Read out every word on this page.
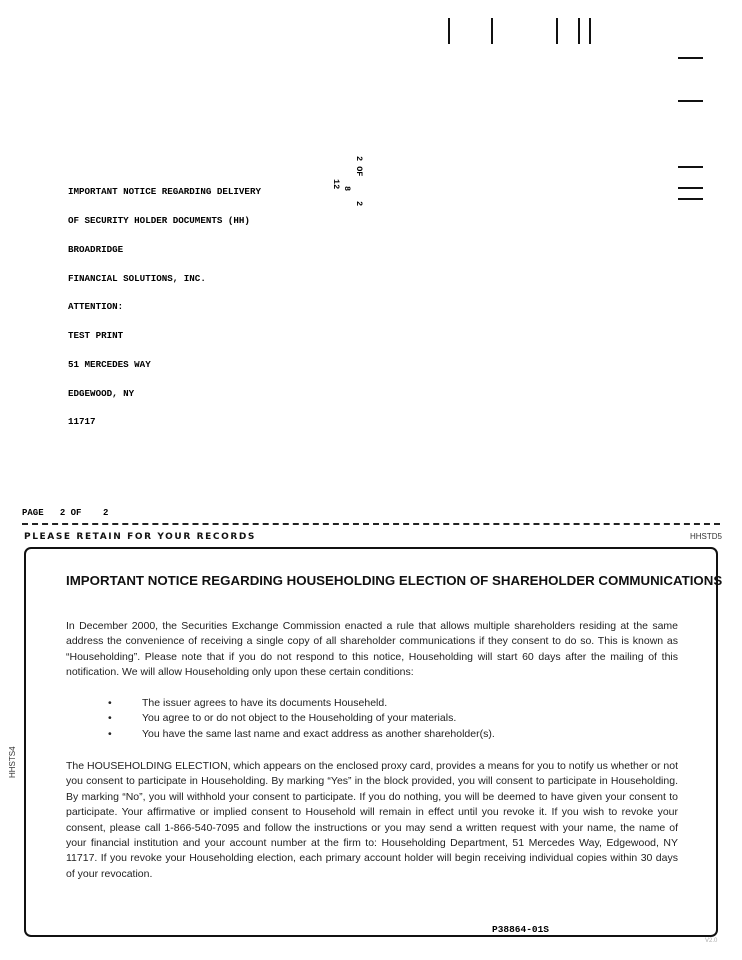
IMPORTANT NOTICE REGARDING DELIVERY

OF SECURITY HOLDER DOCUMENTS (HH)

BROADRIDGE

FINANCIAL SOLUTIONS, INC.

ATTENTION:

TEST PRINT

51 MERCEDES WAY

EDGEWOOD, NY

11717

2 OF
2
8
12
PAGE 2 OF 2
PLEASE RETAIN FOR YOUR RECORDS	HHSTD5
HHSTS4
IMPORTANT NOTICE REGARDING HOUSEHOLDING ELECTION OF SHAREHOLDER COMMUNICATIONS
In December 2000, the Securities Exchange Commission enacted a rule that allows multiple shareholders residing at the same address the convenience of receiving a single copy of all shareholder communications if they consent to do so. This is known as “Householding”. Please note that if you do not respond to this notice, Householding will start 60 days after the mailing of this notification. We will allow Householding only upon these certain conditions:
•	The issuer agrees to have its documents Househeld.
•	You agree to or do not object to the Householding of your materials.
•	You have the same last name and exact address as another shareholder(s).
The HOUSEHOLDING ELECTION, which appears on the enclosed proxy card, provides a means for you to notify us whether or not you consent to participate in Householding. By marking “Yes” in the block provided, you will consent to participate in Householding. By marking “No”, you will withhold your consent to participate. If you do nothing, you will be deemed to have given your consent to participate. Your affirmative or implied consent to Household will remain in effect until you revoke it. If you wish to revoke your consent, please call 1-866-540-7095 and follow the instructions or you may send a written request with your name, the name of your financial institution and your account number at the firm to: Householding Department, 51 Mercedes Way, Edgewood, NY 11717. If you revoke your Householding election, each primary account holder will begin receiving individual copies within 30 days of your revocation.
P38864-01S
V2.0
